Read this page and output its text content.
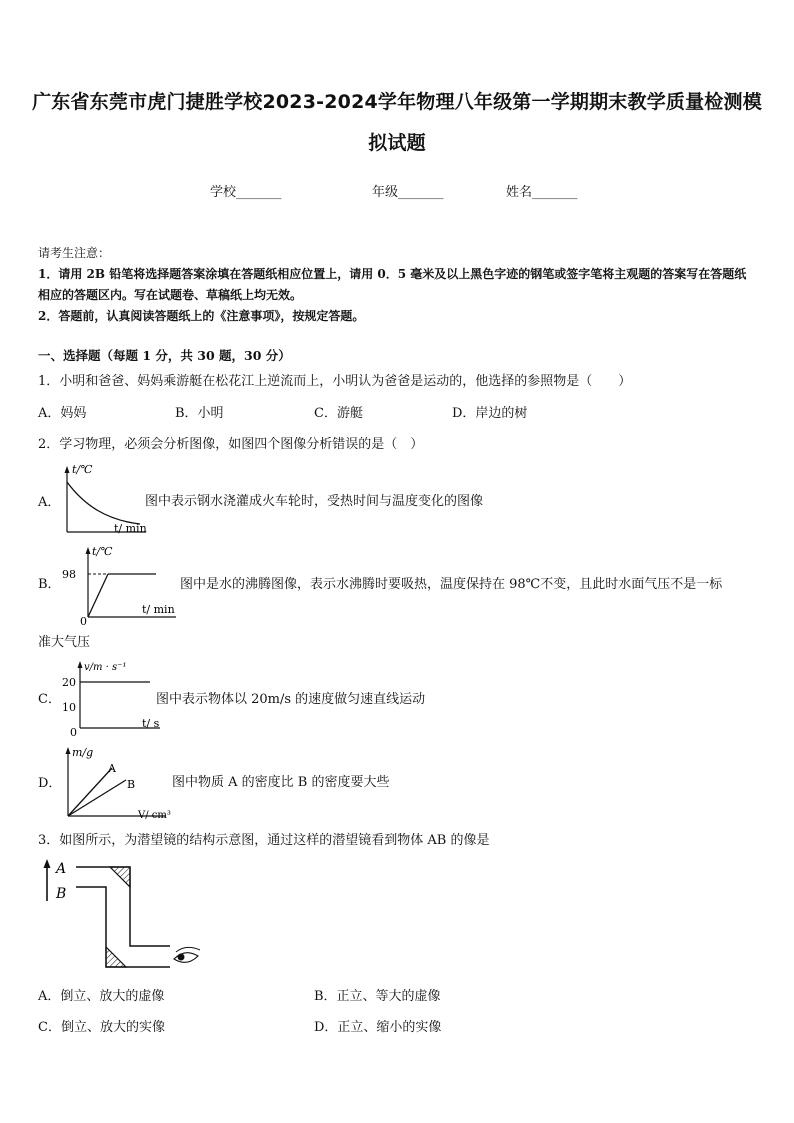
广东省东莞市虎门捷胜学校2023-2024学年物理八年级第一学期期末教学质量检测模
拟试题
学校_______	年级_______	姓名_______
请考生注意：
1．请用 2B 铅笔将选择题答案涂填在答题纸相应位置上，请用 0．5 毫米及以上黑色字迹的钢笔或签字笔将主观题的答案写在答题纸相应的答题区内。写在试题卷、草稿纸上均无效。
2．答题前，认真阅读答题纸上的《注意事项》，按规定答题。
一、选择题（每题 1 分，共 30 题，30 分）
1．小明和爸爸、妈妈乘游艇在松花江上逆流而上，小明认为爸爸是运动的，他选择的参照物是（　　）
A．妈妈	B．小明	C．游艇	D．岸边的树
2．学习物理，必须会分析图像，如图四个图像分析错误的是（　）
A．
t/℃
t/ min
图中表示钢水浇灌成火车轮时，受热时间与温度变化的图像
B．
t/℃
98
0
t/ min
图中是水的沸腾图像，表示水沸腾时要吸热，温度保持在 98℃不变，且此时水面气压不是一标
准大气压
C．
v/m · s⁻¹
20
10
0
t/ s
图中表示物体以 20m/s 的速度做匀速直线运动
D．
m/g
A
B
V/ cm³
图中物质 A 的密度比 B 的密度要大些
3．如图所示，为潜望镜的结构示意图，通过这样的潜望镜看到物体 AB 的像是
A
B
A．倒立、放大的虚像	B．正立、等大的虚像
C．倒立、放大的实像	D．正立、缩小的实像
